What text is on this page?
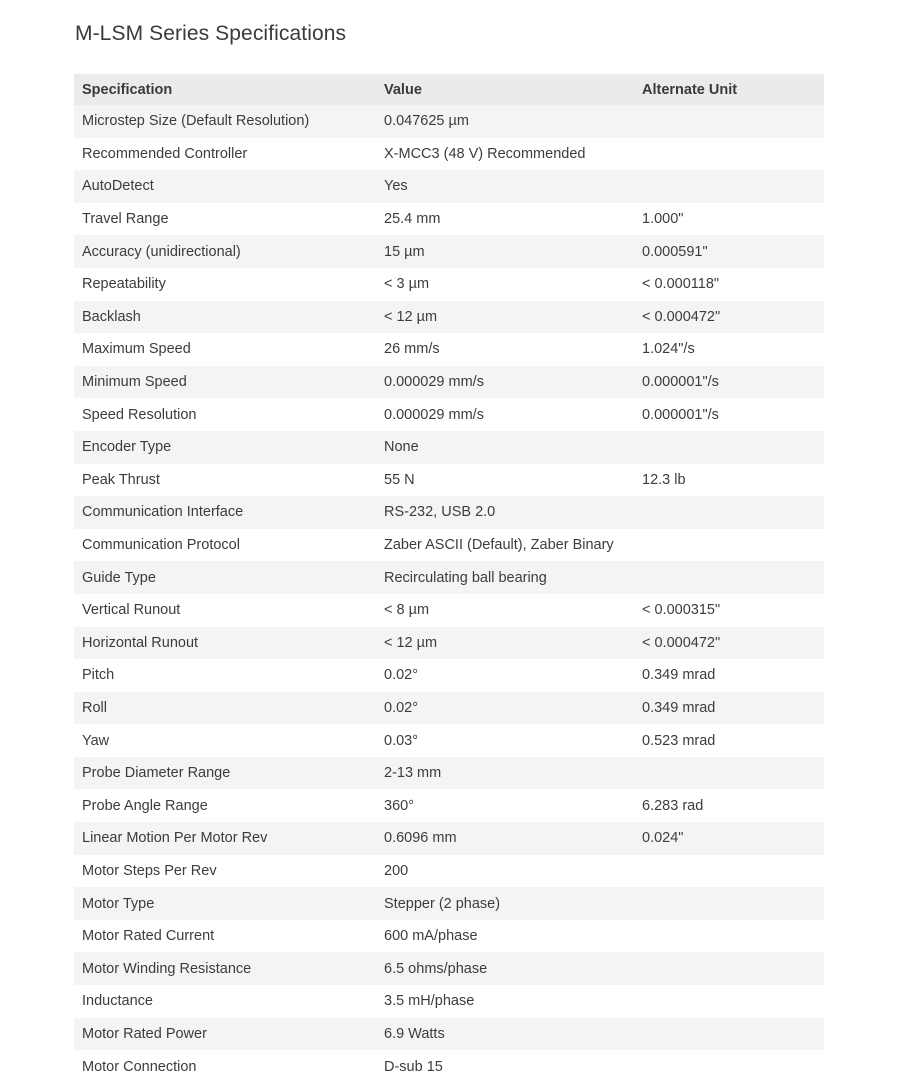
M-LSM Series Specifications
Specification	Value	Alternate Unit
Microstep Size (Default Resolution)	0.047625 µm	
Recommended Controller	X-MCC3 (48 V) Recommended	
AutoDetect	Yes	
Travel Range	25.4 mm	1.000"
Accuracy (unidirectional)	15 µm	0.000591"
Repeatability	< 3 µm	< 0.000118"
Backlash	< 12 µm	< 0.000472"
Maximum Speed	26 mm/s	1.024"/s
Minimum Speed	0.000029 mm/s	0.000001"/s
Speed Resolution	0.000029 mm/s	0.000001"/s
Encoder Type	None	
Peak Thrust	55 N	12.3 lb
Communication Interface	RS-232, USB 2.0	
Communication Protocol	Zaber ASCII (Default), Zaber Binary	
Guide Type	Recirculating ball bearing	
Vertical Runout	< 8 µm	< 0.000315"
Horizontal Runout	< 12 µm	< 0.000472"
Pitch	0.02°	0.349 mrad
Roll	0.02°	0.349 mrad
Yaw	0.03°	0.523 mrad
Probe Diameter Range	2-13 mm	
Probe Angle Range	360°	6.283 rad
Linear Motion Per Motor Rev	0.6096 mm	0.024"
Motor Steps Per Rev	200	
Motor Type	Stepper (2 phase)	
Motor Rated Current	600 mA/phase	
Motor Winding Resistance	6.5 ohms/phase	
Inductance	3.5 mH/phase	
Motor Rated Power	6.9 Watts	
Motor Connection	D-sub 15	
